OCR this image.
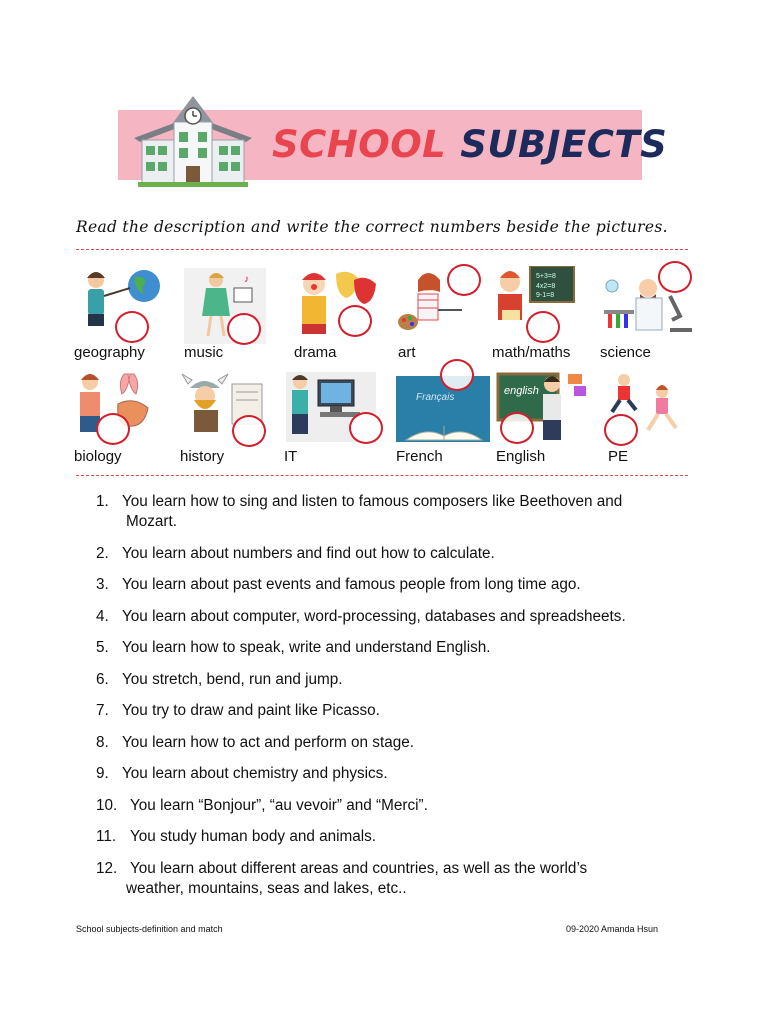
SCHOOL SUBJECTS
Read the description and write the correct numbers beside the pictures.
geography
♪
music	drama	art
5+3=8
4x2=8
9-1=8
math/maths science
biology	history	IT
Français
French
english
English	PE
1. You learn how to sing and listen to famous composers like Beethoven and
Mozart.
2. You learn about numbers and find out how to calculate.
3. You learn about past events and famous people from long time ago.
4. You learn about computer, word-processing, databases and spreadsheets.
5. You learn how to speak, write and understand English.
6. You stretch, bend, run and jump.
7. You try to draw and paint like Picasso.
8. You learn how to act and perform on stage.
9. You learn about chemistry and physics.
10. You learn “Bonjour”, “au vevoir” and “Merci”.
11. You study human body and animals.
12. You learn about different areas and countries, as well as the world’s
weather, mountains, seas and lakes, etc..
School subjects-definition and match	09-2020 Amanda Hsun
